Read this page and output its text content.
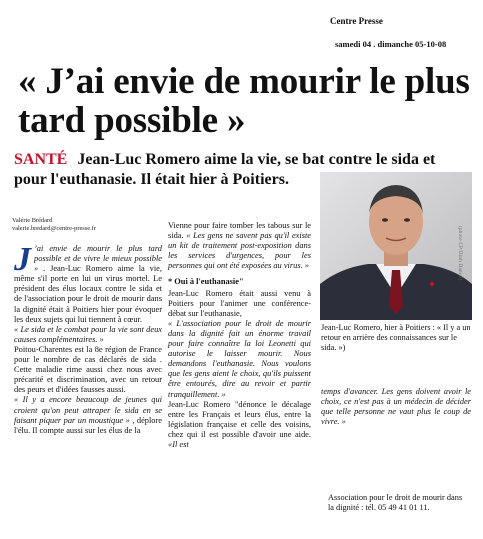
Centre Presse
samedi 04 . dimanche 05-10-08
« J’ai envie de mourir le plus tard possible »

SANTÉ Jean-Luc Romero aime la vie, se bat contre le sida et pour l'euthanasie. Il était hier à Poitiers.

Valérie Brédard
valerie.bredard@centre-presse.fr

J ’ai envie de mourir le plus tard possible et de vivre le mieux possible » . Jean-Luc Romero aime la vie, même s'il porte en lui un virus mortel. Le président des élus locaux contre le sida et de l'association pour le droit de mourir dans la dignité était à Poitiers hier pour évoquer les deux sujets qui lui tiennent à cœur.

« Le sida et le combat pour la vie sont deux causes complémentaires. »

Poitou-Charentes est la 8e région de France pour le nombre de cas déclarés de sida . Cette maladie rime aussi chez nous avec précarité et discrimination, avec un retour des peurs et d'idées fausses aussi.

« Il y a encore beaucoup de jeunes qui croient qu'on peut attraper le sida en se faisant piquer par un moustique » , déplore l'élu. Il compte aussi sur les élus de la

Vienne pour faire tomber les tabous sur le sida. « Les gens ne savent pas qu'il existe un kit de traitement post-exposition dans les services d'urgences, pour les personnes qui ont été exposées au virus. »

* Oui à l'euthanasie"

Jean-Luc Romero était aussi venu à Poitiers pour l'animer une conférence-débat sur l'euthanasie,

« L'association pour le droit de mourir dans la dignité fait un énorme travail pour faire connaître la loi Leonetti qui autorise le laisser mourir. Nous demandons l'euthanasie. Nous voulons que les gens aient le choix, qu'ils puissent être entourés, dire au revoir et partir tranquillement. »

Jean-Luc Romero "dénonce le décalage entre les Français et leurs élus, entre la législation française et celle des voisins, chez qui il est possible d'avoir une aide. «Il est

(photo CP/Dinh Daniel)

Jean-Luc Romero, hier à Poitiers : « Il y a un retour en arrière des connaissances sur le sida. »)

temps d'avancer. Les gens doivent avoir le choix, ce n'est pas à un médecin de décider que telle personne ne vaut plus le coup de vivre. »

Association pour le droit de mourir dans la dignité : tél. 05 49 41 01 11.
